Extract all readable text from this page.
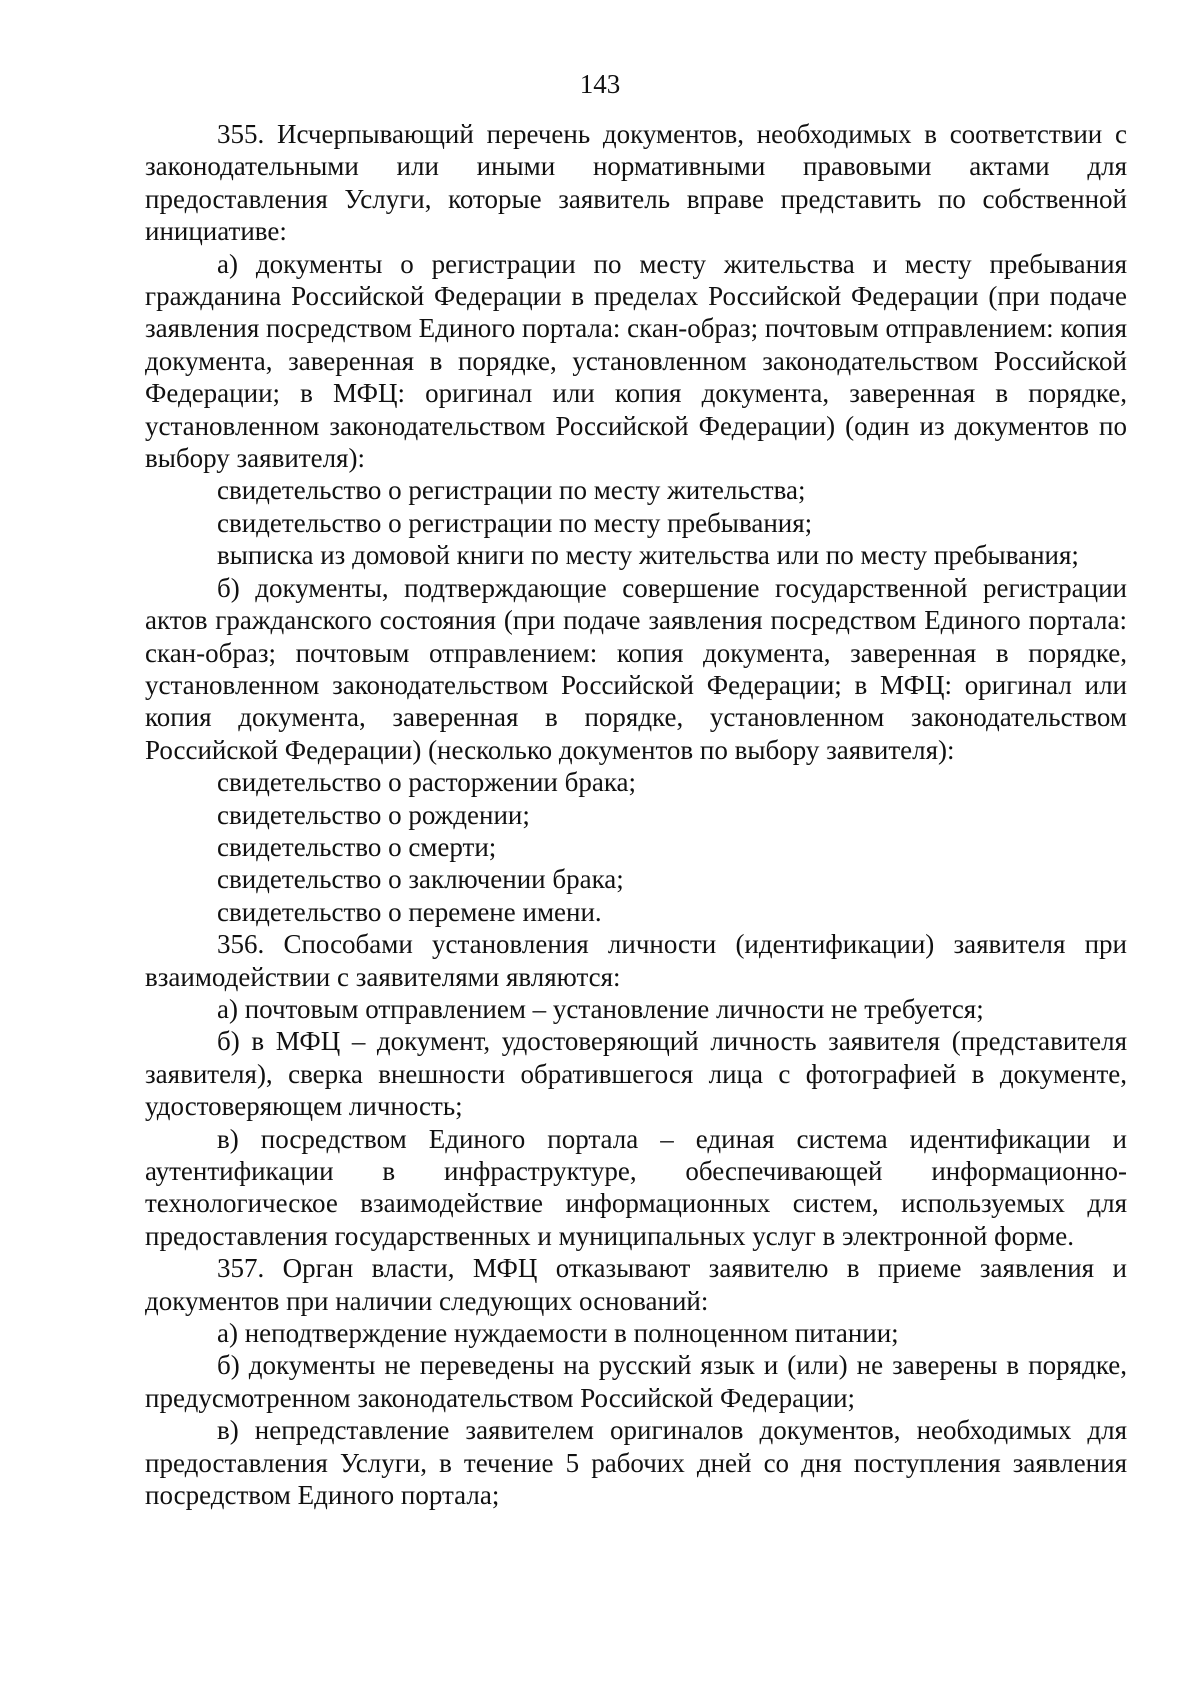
143

355. Исчерпывающий перечень документов, необходимых в соответствии с законодательными или иными нормативными правовыми актами для предоставления Услуги, которые заявитель вправе представить по собственной инициативе:

а) документы о регистрации по месту жительства и месту пребывания гражданина Российской Федерации в пределах Российской Федерации (при подаче заявления посредством Единого портала: скан-образ; почтовым отправлением: копия документа, заверенная в порядке, установленном законодательством Российской Федерации; в МФЦ: оригинал или копия документа, заверенная в порядке, установленном законодательством Российской Федерации) (один из документов по выбору заявителя):

свидетельство о регистрации по месту жительства;

свидетельство о регистрации по месту пребывания;

выписка из домовой книги по месту жительства или по месту пребывания;

б) документы, подтверждающие совершение государственной регистрации актов гражданского состояния (при подаче заявления посредством Единого портала: скан-образ; почтовым отправлением: копия документа, заверенная в порядке, установленном законодательством Российской Федерации; в МФЦ: оригинал или копия документа, заверенная в порядке, установленном законодательством Российской Федерации) (несколько документов по выбору заявителя):

свидетельство о расторжении брака;

свидетельство о рождении;

свидетельство о смерти;

свидетельство о заключении брака;

свидетельство о перемене имени.

356. Способами установления личности (идентификации) заявителя при взаимодействии с заявителями являются:

а) почтовым отправлением – установление личности не требуется;

б) в МФЦ – документ, удостоверяющий личность заявителя (представителя заявителя), сверка внешности обратившегося лица с фотографией в документе, удостоверяющем личность;

в) посредством Единого портала – единая система идентификации и аутентификации в инфраструктуре, обеспечивающей информационно-технологическое взаимодействие информационных систем, используемых для предоставления государственных и муниципальных услуг в электронной форме.

357. Орган власти, МФЦ отказывают заявителю в приеме заявления и документов при наличии следующих оснований:

а) неподтверждение нуждаемости в полноценном питании;

б) документы не переведены на русский язык и (или) не заверены в порядке, предусмотренном законодательством Российской Федерации;

в) непредставление заявителем оригиналов документов, необходимых для предоставления Услуги, в течение 5 рабочих дней со дня поступления заявления посредством Единого портала;
